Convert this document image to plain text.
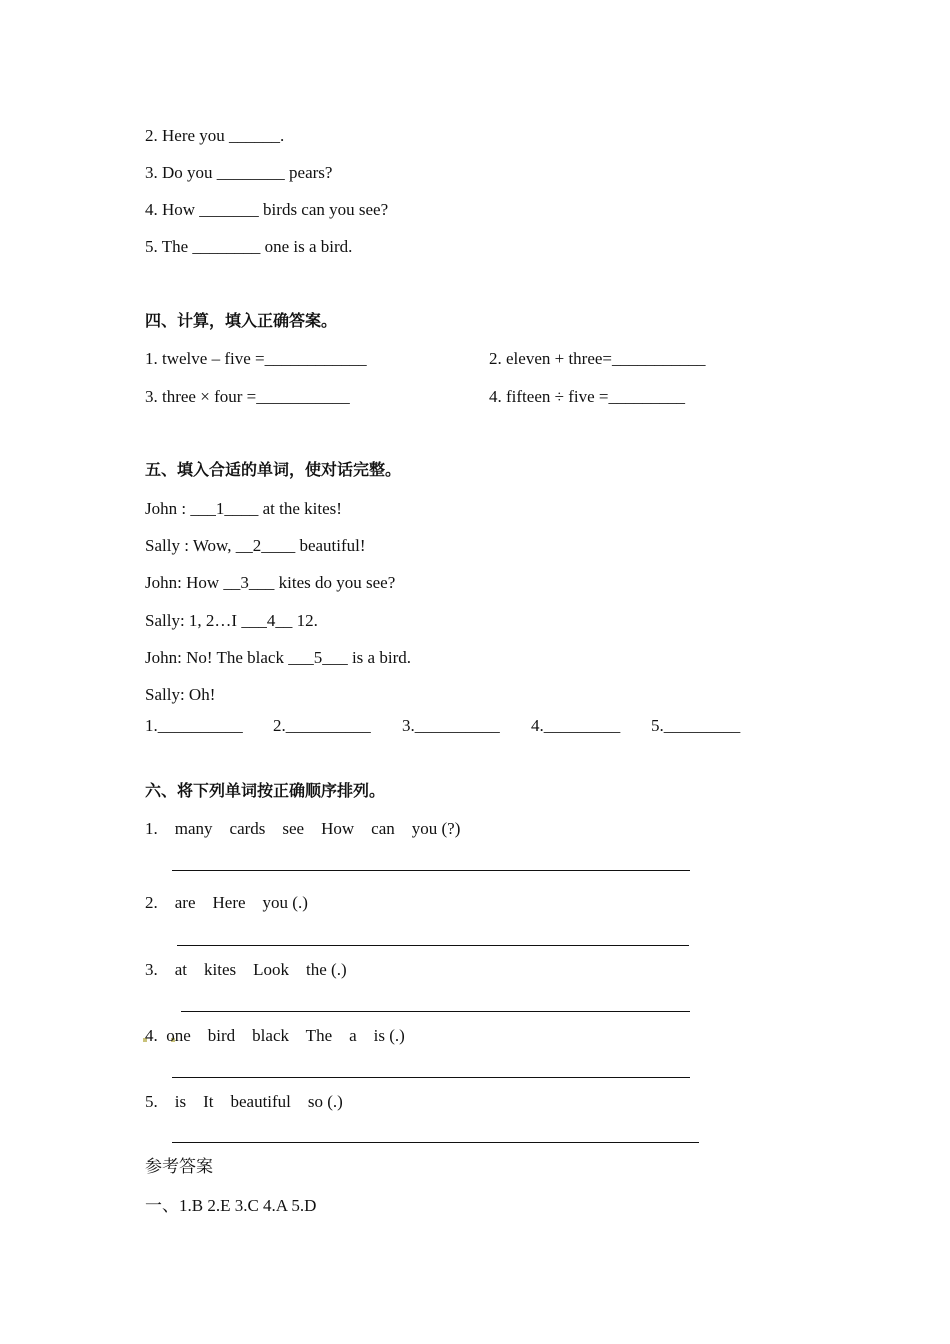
2. Here you ______.
3. Do you ________ pears?
4. How _______ birds can you see?
5. The ________ one is a bird.
四、计算，填入正确答案。
1. twelve – five =____________	2. eleven + three=___________
3. three × four =___________	4. fifteen ÷ five =_________
五、填入合适的单词，使对话完整。
John : ___1____ at the kites!
Sally : Wow, __2____ beautiful!
John: How __3___ kites do you see?
Sally: 1, 2…I ___4__ 12.
John: No! The black ___5___ is a bird.
Sally: Oh!
1.__________ 2.__________ 3.__________ 4._________ 5._________
六、将下列单词按正确顺序排列。
1.    many    cards    see    How    can    you (?)
2.    are    Here    you (.)
3.    at    kites    Look    the (.)
4.  one    bird    black    The    a    is (.)
5.    is    It    beautiful    so (.)
参考答案
一、1.B 2.E 3.C 4.A 5.D
